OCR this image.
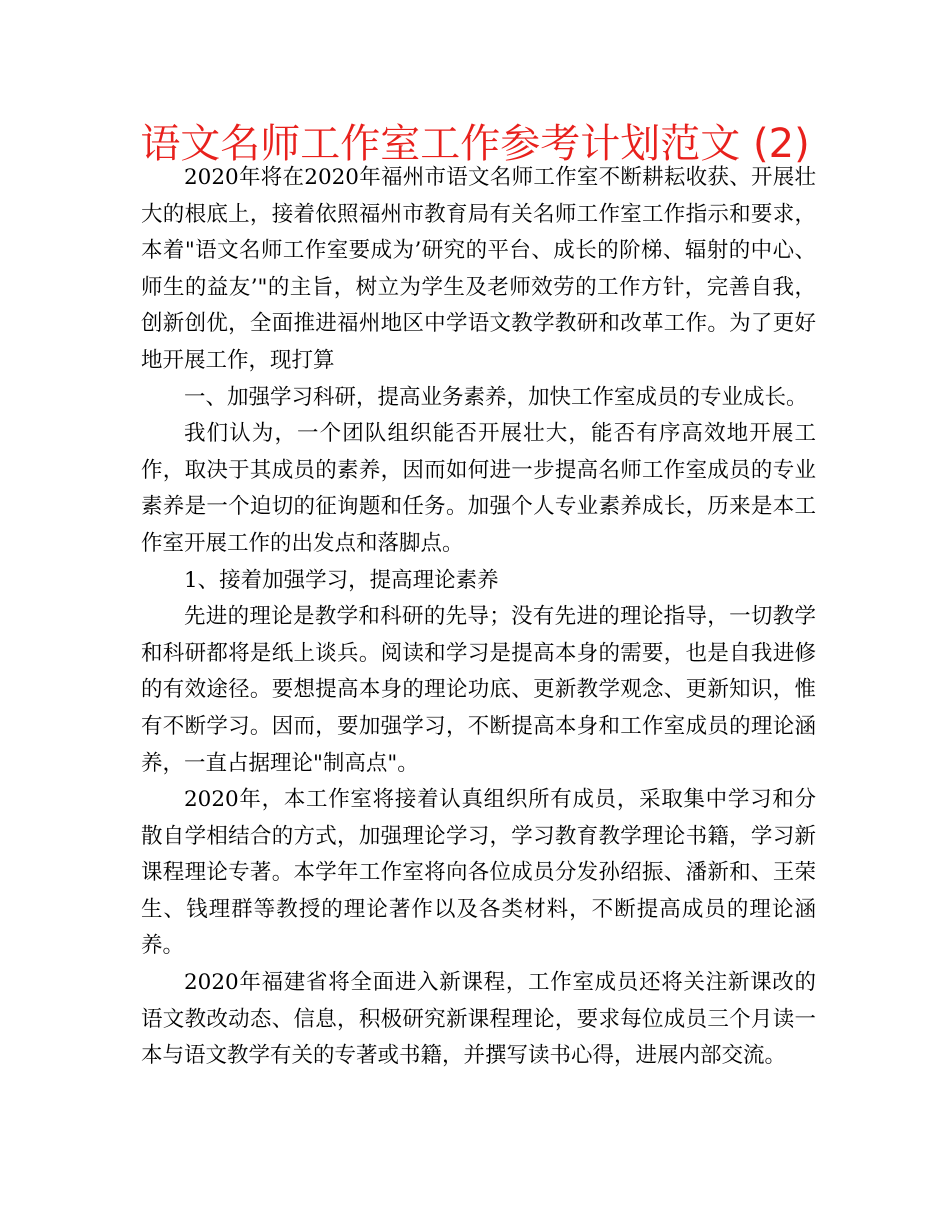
语文名师工作室工作参考计划范文 (2)

2020年将在2020年福州市语文名师工作室不断耕耘收获、开展壮大的根底上，接着依照福州市教育局有关名师工作室工作指示和要求，本着"语文名师工作室要成为’研究的平台、成长的阶梯、辐射的中心、师生的益友’"的主旨，树立为学生及老师效劳的工作方针，完善自我，创新创优，全面推进福州地区中学语文教学教研和改革工作。为了更好地开展工作，现打算

一、加强学习科研，提高业务素养，加快工作室成员的专业成长。

我们认为，一个团队组织能否开展壮大，能否有序高效地开展工作，取决于其成员的素养，因而如何进一步提高名师工作室成员的专业素养是一个迫切的征询题和任务。加强个人专业素养成长，历来是本工作室开展工作的出发点和落脚点。

1、接着加强学习，提高理论素养

先进的理论是教学和科研的先导；没有先进的理论指导，一切教学和科研都将是纸上谈兵。阅读和学习是提高本身的需要，也是自我进修的有效途径。要想提高本身的理论功底、更新教学观念、更新知识，惟有不断学习。因而，要加强学习，不断提高本身和工作室成员的理论涵养，一直占据理论"制高点"。

2020年，本工作室将接着认真组织所有成员，采取集中学习和分散自学相结合的方式，加强理论学习，学习教育教学理论书籍，学习新课程理论专著。本学年工作室将向各位成员分发孙绍振、潘新和、王荣生、钱理群等教授的理论著作以及各类材料，不断提高成员的理论涵养。

2020年福建省将全面进入新课程，工作室成员还将关注新课改的语文教改动态、信息，积极研究新课程理论，要求每位成员三个月读一本与语文教学有关的专著或书籍，并撰写读书心得，进展内部交流。
